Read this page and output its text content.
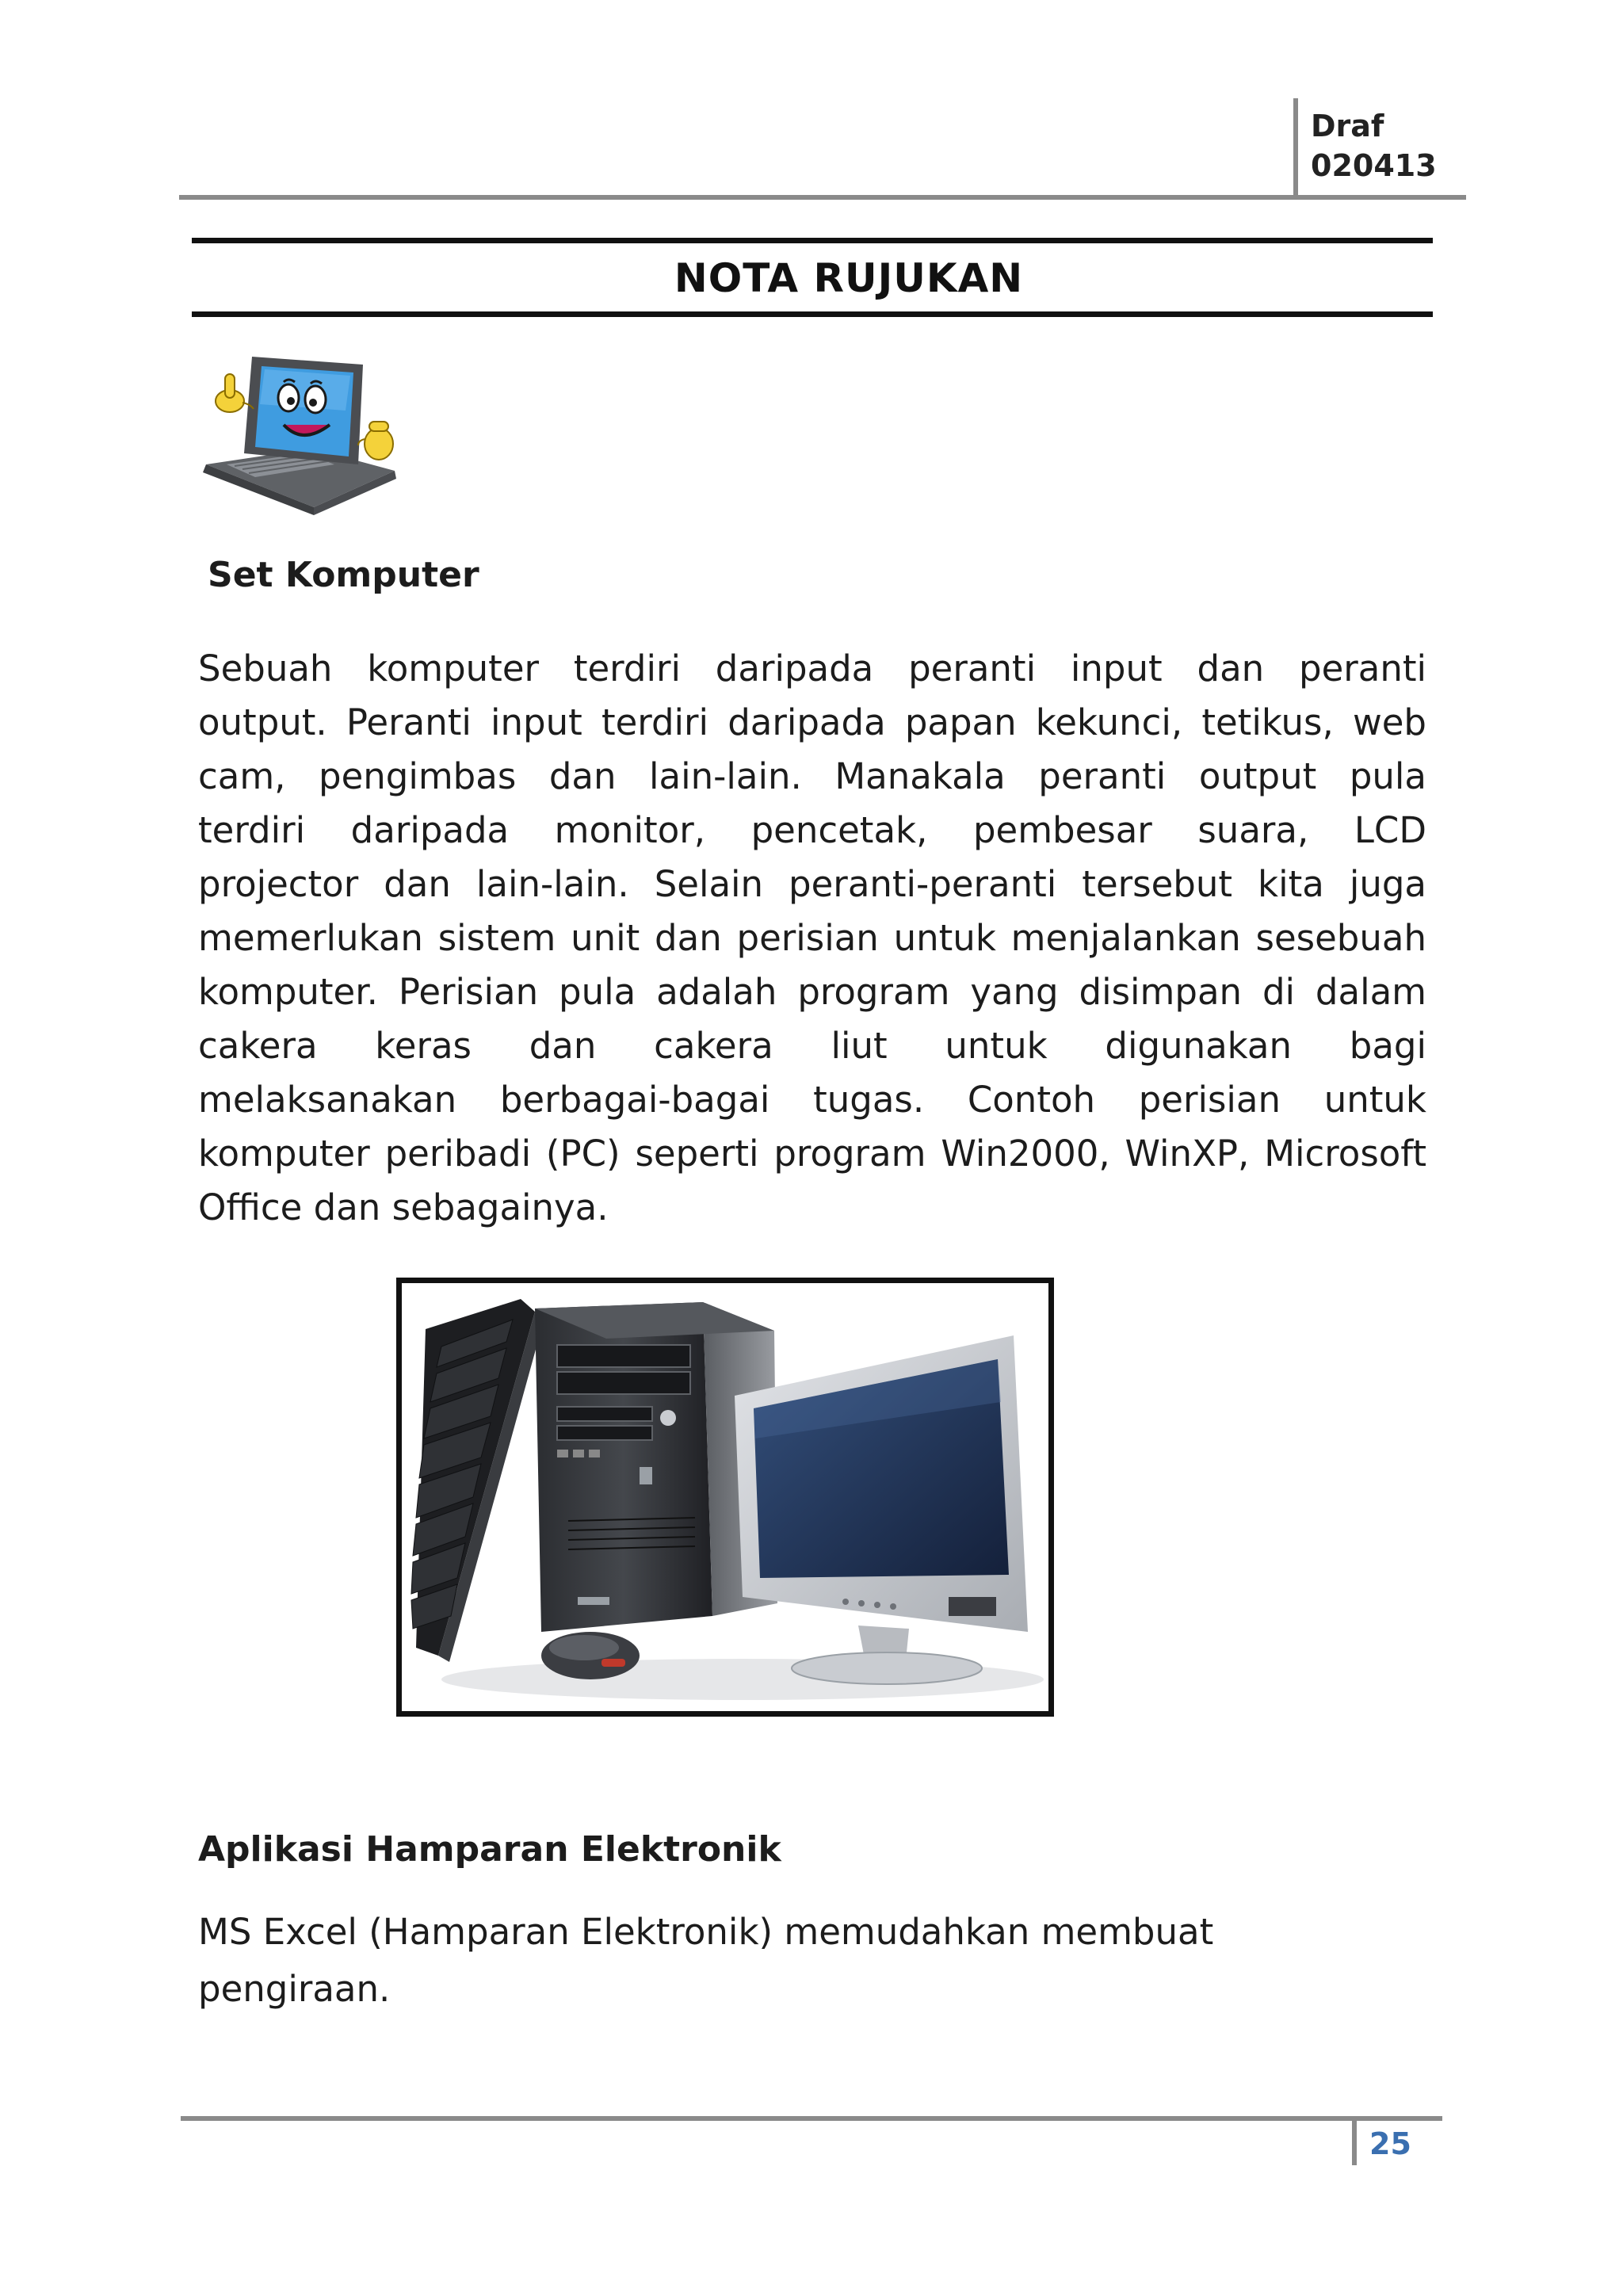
Draf
020413
NOTA RUJUKAN
Set Komputer
Sebuah komputer terdiri daripada peranti input dan peranti
output. Peranti input terdiri daripada papan kekunci, tetikus, web
cam, pengimbas dan lain-lain. Manakala peranti output pula
terdiri daripada monitor, pencetak, pembesar suara, LCD
projector dan lain-lain. Selain peranti-peranti tersebut kita juga
memerlukan sistem unit dan perisian untuk menjalankan sesebuah
komputer. Perisian pula adalah program yang disimpan di dalam
cakera keras dan cakera liut untuk digunakan bagi
melaksanakan berbagai-bagai tugas. Contoh perisian untuk
komputer peribadi (PC) seperti program Win2000, WinXP, Microsoft
Office dan sebagainya.
Aplikasi Hamparan Elektronik
MS Excel (Hamparan Elektronik) memudahkan membuat
pengiraan.
25
